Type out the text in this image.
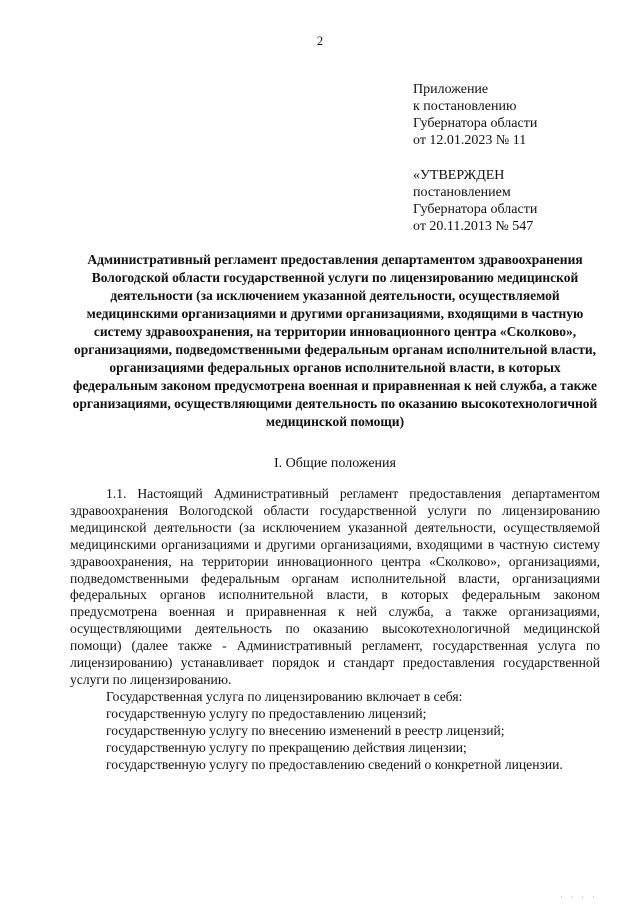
2
Приложение
к постановлению
Губернатора области
от 12.01.2023 № 11
«УТВЕРЖДЕН
постановлением
Губернатора области
от 20.11.2013 № 547
Административный регламент предоставления департаментом здравоохранения Вологодской области государственной услуги по лицензированию медицинской деятельности (за исключением указанной деятельности, осуществляемой медицинскими организациями и другими организациями, входящими в частную систему здравоохранения, на территории инновационного центра «Сколково», организациями, подведомственными федеральным органам исполнительной власти, организациями федеральных органов исполнительной власти, в которых федеральным законом предусмотрена военная и приравненная к ней служба, а также организациями, осуществляющими деятельность по оказанию высокотехнологичной медицинской помощи)
I. Общие положения

1.1. Настоящий Административный регламент предоставления департаментом здравоохранения Вологодской области государственной услуги по лицензированию медицинской деятельности (за исключением указанной деятельности, осуществляемой медицинскими организациями и другими организациями, входящими в частную систему здравоохранения, на территории инновационного центра «Сколково», организациями, подведомственными федеральным органам исполнительной власти, организациями федеральных органов исполнительной власти, в которых федеральным законом предусмотрена военная и приравненная к ней служба, а также организациями, осуществляющими деятельность по оказанию высокотехнологичной медицинской помощи) (далее также - Административный регламент, государственная услуга по лицензированию) устанавливает порядок и стандарт предоставления государственной услуги по лицензированию.

Государственная услуга по лицензированию включает в себя:

государственную услугу по предоставлению лицензий;

государственную услугу по внесению изменений в реестр лицензий;

государственную услугу по прекращению действия лицензии;

государственную услугу по предоставлению сведений о конкретной лицензии.

· · · ·
